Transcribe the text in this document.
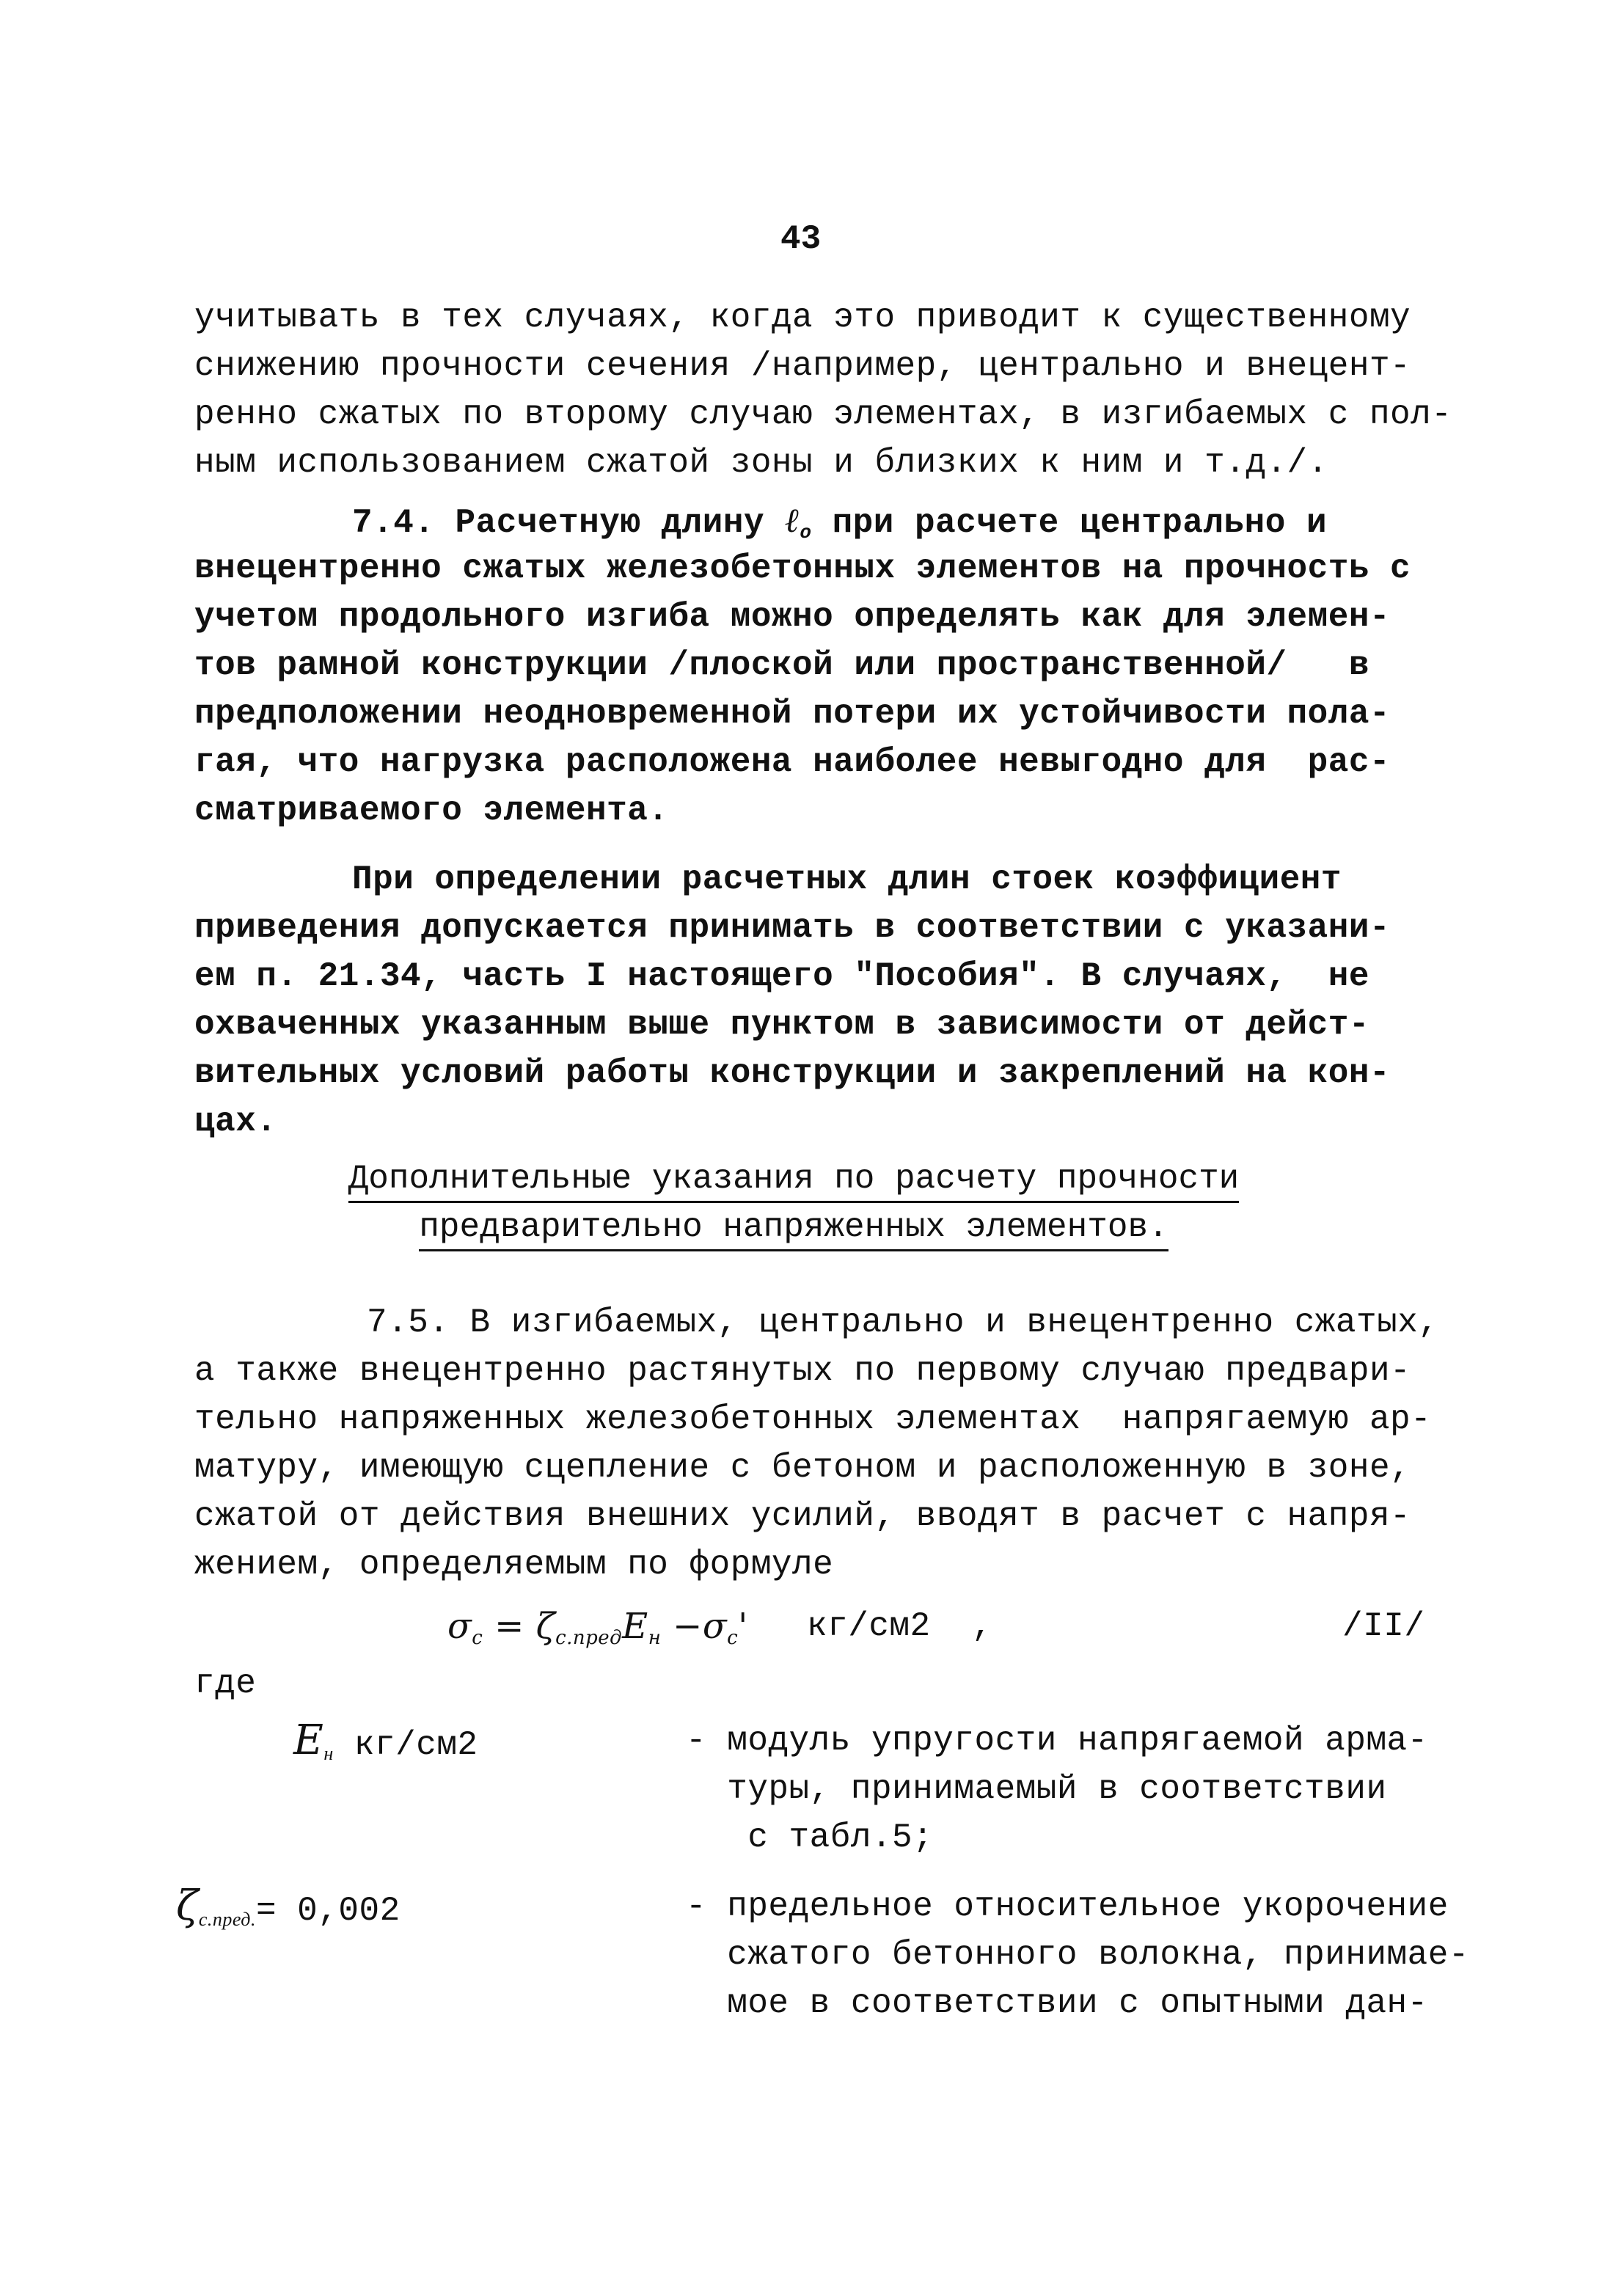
43
учитывать в тех случаях, когда это приводит к существенному
снижению прочности сечения /например, центрально и внецент-
ренно сжатых по второму случаю элементах, в изгибаемых с пол-
ным использованием сжатой зоны и близких к ним и т.д./.
7.4. Расчетную длину ℓ$_o$ при расчете центрально и
внецентренно сжатых железобетонных элементов на прочность с
учетом продольного изгиба можно определять как для элемен-
тов рамной конструкции /плоской или пространственной/   в
предположении неодновременной потери их устойчивости пола-
гая, что нагрузка расположена наиболее невыгодно для  рас-
сматриваемого элемента.
При определении расчетных длин стоек коэффициент
приведения допускается принимать в соответствии с указани-
ем п. 21.34, часть I настоящего "Пособия". В случаях,  не
охваченных указанным выше пунктом в зависимости от дейст-
вительных условий работы конструкции и закреплений на кон-
цах.
Дополнительные указания по расчету прочности
предварительно напряженных элементов.
7.5. В изгибаемых, центрально и внецентренно сжатых,
а также внецентренно растянутых по первому случаю предвари-
тельно напряженных железобетонных элементах  напрягаемую ар-
матуру, имеющую сцепление с бетоном и расположенную в зоне,
сжатой от действия внешних усилий, вводят в расчет с напря-
жением, определяемым по формуле
$\sigma_c = \zeta_{с.пред}E_н -\sigma_c'$ кг/см2  ,	/II/
где
$E_н$ кг/см2	- модуль упругости напрягаемой арма-
туры, принимаемый в соответствии
с табл.5;
$\zeta_{с.пред.}= 0,002$	- предельное относительное укорочение
сжатого бетонного волокна, принимае-
мое в соответствии с опытными дан-
